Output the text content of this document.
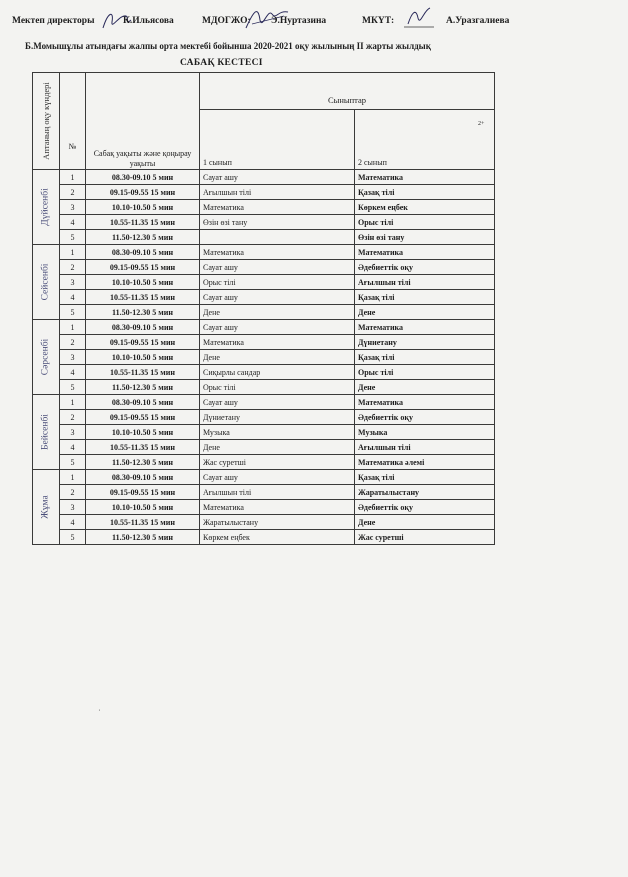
Мектеп директоры	К.Ильясова	МДОГЖО: Э.Нуртазина	МКҮТ:	А.Уразгалиева
Б.Момышұлы атындағы жалпы орта мектебі бойынша 2020-2021 оқу жылының II жарты жылдық
САБАҚ КЕСТЕСІ
Аптаның оқу күндері	№	Сабақ уақыты және қоңырау уақыты	Сыныптар	
			1 сынып	2 сынып

Дүйсенбі	1	08.30-09.10 5 мин	Сауат ашу	Математика
	2	09.15-09.55 15 мин	Ағылшын тілі	Қазақ тілі
	3	10.10-10.50 5 мин	Математика	Көркем еңбек
	4	10.55-11.35 15 мин	Өзін өзі тану	Орыс тілі
	5	11.50-12.30 5 мин		Өзін өзі тану

Сейсенбі	1	08.30-09.10 5 мин	Математика	Математика
	2	09.15-09.55 15 мин	Сауат ашу	Әдебиеттік оқу
	3	10.10-10.50 5 мин	Орыс тілі	Ағылшын тілі
	4	10.55-11.35 15 мин	Сауат ашу	Қазақ тілі
	5	11.50-12.30 5 мин	Дене	Дене

Сәрсенбі	1	08.30-09.10 5 мин	Сауат ашу	Математика
	2	09.15-09.55 15 мин	Математика	Дүниетану
	3	10.10-10.50 5 мин	Дене	Қазақ тілі
	4	10.55-11.35 15 мин	Сиқырлы сандар	Орыс тілі
	5	11.50-12.30 5 мин	Орыс тілі	Дене

Бейсенбі	1	08.30-09.10 5 мин	Сауат ашу	Математика
	2	09.15-09.55 15 мин	Дүниетану	Әдебиеттік оқу
	3	10.10-10.50 5 мин	Музыка	Музыка
	4	10.55-11.35 15 мин	Дене	Ағылшын тілі
	5	11.50-12.30 5 мин	Жас суретші	Математика әлемі

Жұма	1	08.30-09.10 5 мин	Сауат ашу	Қазақ тілі
	2	09.15-09.55 15 мин	Ағылшын тілі	Жаратылыстану
	3	10.10-10.50 5 мин	Математика	Әдебиеттік оқу
	4	10.55-11.35 15 мин	Жаратылыстану	Дене
	5	11.50-12.30 5 мин	Көркем еңбек	Жас суретші
2+
˙
